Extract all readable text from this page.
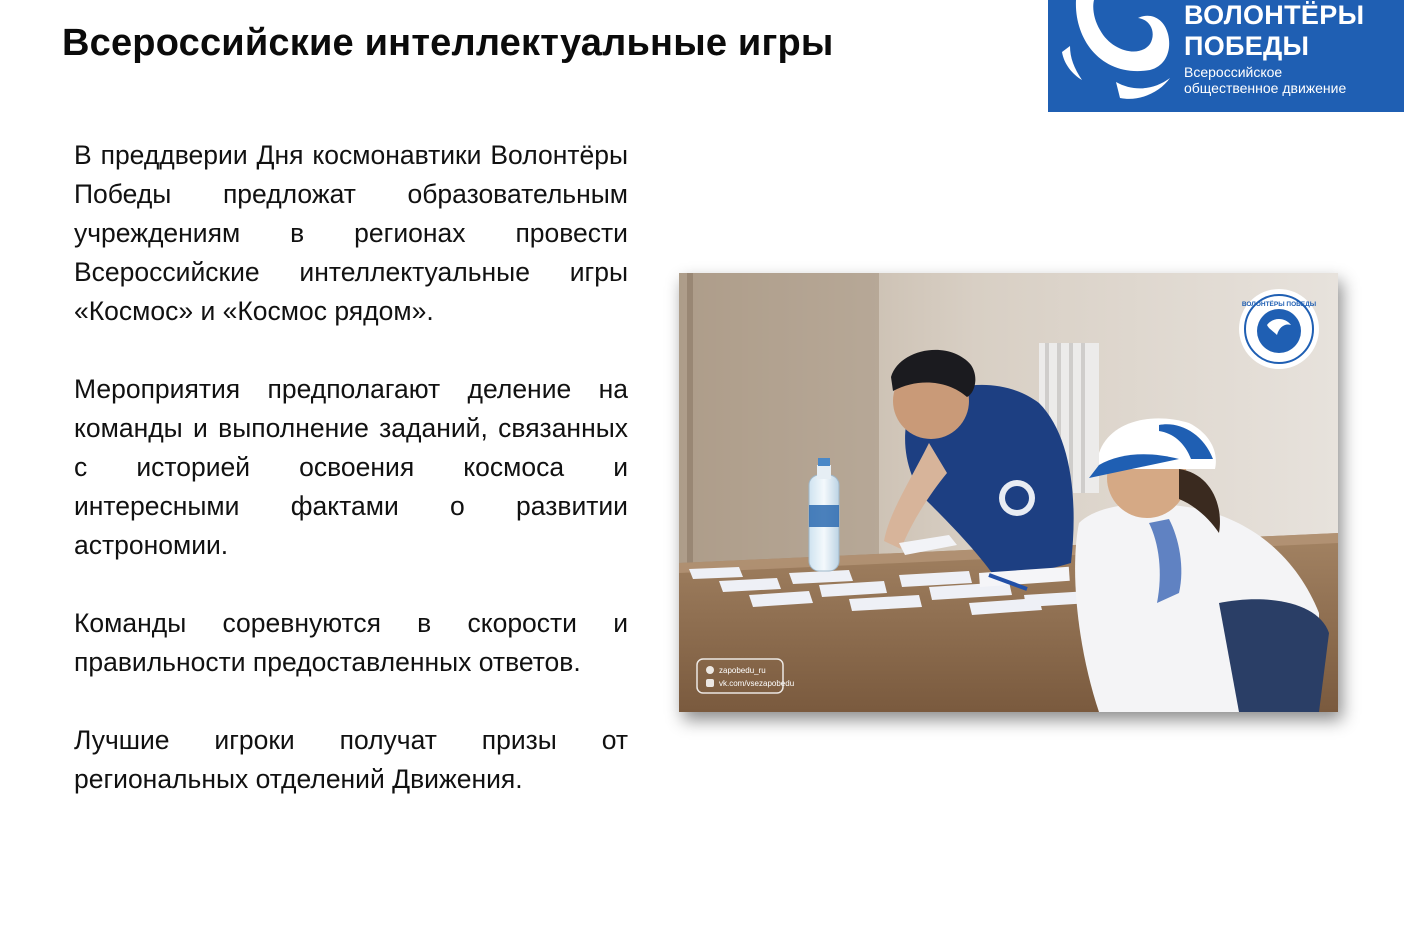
Всероссийские интеллектуальные игры
ВОЛОНТЁРЫ
ПОБЕДЫ
Всероссийское
общественное движение

В преддверии Дня космонавтики Волонтёры Победы предложат образовательным учреждениям в регионах провести Всероссийские интеллектуальные игры «Космос» и «Космос рядом».

Мероприятия предполагают деление на команды и выполнение заданий, связанных с историей освоения космоса и интересными фактами о развитии астрономии.

Команды соревнуются в скорости и правильности предоставленных ответов.

Лучшие игроки получат призы от региональных отделений Движения.

ВОЛОНТЁРЫ ПОБЕДЫ
zapobedu_ru
vk.com/vsezapobedu
